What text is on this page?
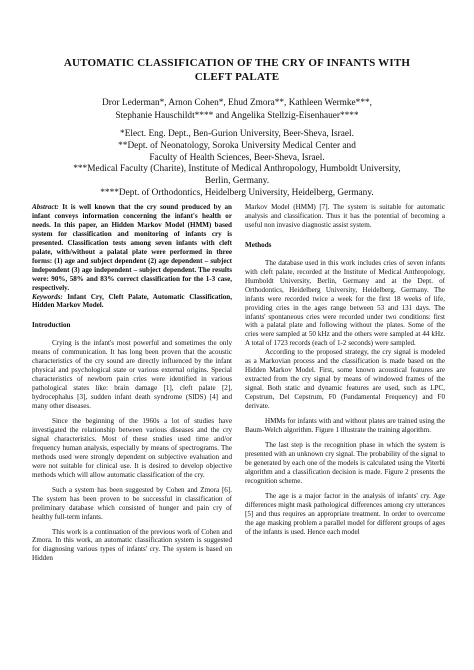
AUTOMATIC CLASSIFICATION OF THE CRY OF INFANTS WITH
CLEFT PALATE
Dror Lederman*, Arnon Cohen*, Ehud Zmora**, Kathleen Wermke***,
Stephanie Hauschildt**** and Angelika Stellzig-Eisenhauer****
*Elect. Eng. Dept., Ben-Gurion University, Beer-Sheva, Israel.
**Dept. of Neonatology, Soroka University Medical Center and
Faculty of Health Sciences, Beer-Sheva, Israel.
***Medical Faculty (Charite), Institute of Medical Anthropology, Humboldt University,
Berlin, Germany.
****Dept. of Orthodontics, Heidelberg University, Heidelberg, Germany.

Abstract: It is well known that the cry sound produced by an infant conveys information concerning the infant's health or needs. In this paper, an Hidden Markov Model (HMM) based system for classification and monitoring of infants cry is presented. Classification tests among seven infants with cleft palate, with/without a palatal plate were performed in three forms: (1) age and subject dependent (2) age dependent – subject independent (3) age independent – subject dependent. The results were: 90%, 58% and 83% correct classification for the 1-3 case, respectively.

Keywords: Infant Cry, Cleft Palate, Automatic Classification, Hidden Markov Model.

Introduction

Crying is the infant's most powerful and sometimes the only means of communication. It has long been proven that the acoustic characteristics of the cry sound are directly influenced by the infant physical and psychological state or various external origins. Special characteristics of newborn pain cries were identified in various pathological states like: brain damage [1], cleft palate [2], hydrocephalus [3], sudden infant death syndrome (SIDS) [4] and many other diseases.

Since the beginning of the 1960s a lot of studies have investigated the relationship between various diseases and the cry signal characteristics. Most of these studies used time and/or frequency human analysis, especially by means of spectrograms. The methods used were strongly dependent on subjective evaluation and were not suitable for clinical use. It is desired to develop objective methods which will allow automatic classification of the cry.

Such a system has been suggested by Cohen and Zmora [6]. The system has been proven to be successful in classification of preliminary database which consisted of hunger and pain cry of healthy full-term infants.

This work is a continuation of the previous work of Cohen and Zmora. In this work, an automatic classification system is suggested for diagnosing various types of infants' cry. The system is based on Hidden

Markov Model (HMM) [7]. The system is suitable for automatic analysis and classification. Thus it has the potential of becoming a useful non invasive diagnostic assist system.

Methods

The database used in this work includes cries of seven infants with cleft palate, recorded at the Institute of Medical Anthropology, Humboldt University, Berlin, Germany and at the Dept. of Orthodontics, Heidelberg University, Heidelberg, Germany. The infants were recorded twice a week for the first 18 weeks of life, providing cries in the ages range between 53 and 131 days. The infants' spontaneous cries were recorded under two conditions: first with a palatal plate and following without the plates. Some of the cries were sampled at 50 kHz and the others were sampled at 44 kHz. A total of 1723 records (each of 1-2 seconds) were sampled.

According to the proposed strategy, the cry signal is modeled as a Markovian process and the classification is made based on the Hidden Markov Model. First, some known acoustical features are extracted from the cry signal by means of windowed frames of the signal. Both static and dynamic features are used, such as LPC, Cepstrum, Del Cepstrum, F0 (Fundamental Frequency) and F0 derivate.

HMMs for infants with and without plates are trained using the Baum-Welch algorithm. Figure 1 illustrate the training algorithm.

The last step is the recognition phase in which the system is presented with an unknown cry signal. The probability of the signal to be generated by each one of the models is calculated using the Viterbi algorithm and a classification decision is made. Figure 2 presents the recognition scheme.

The age is a major factor in the analysis of infants' cry. Age differences might mask pathological differences among cry utterances [5] and thus requires an appropriate treatment. In order to overcome the age masking problem a parallel model for different groups of ages of the infants is used. Hence each model
